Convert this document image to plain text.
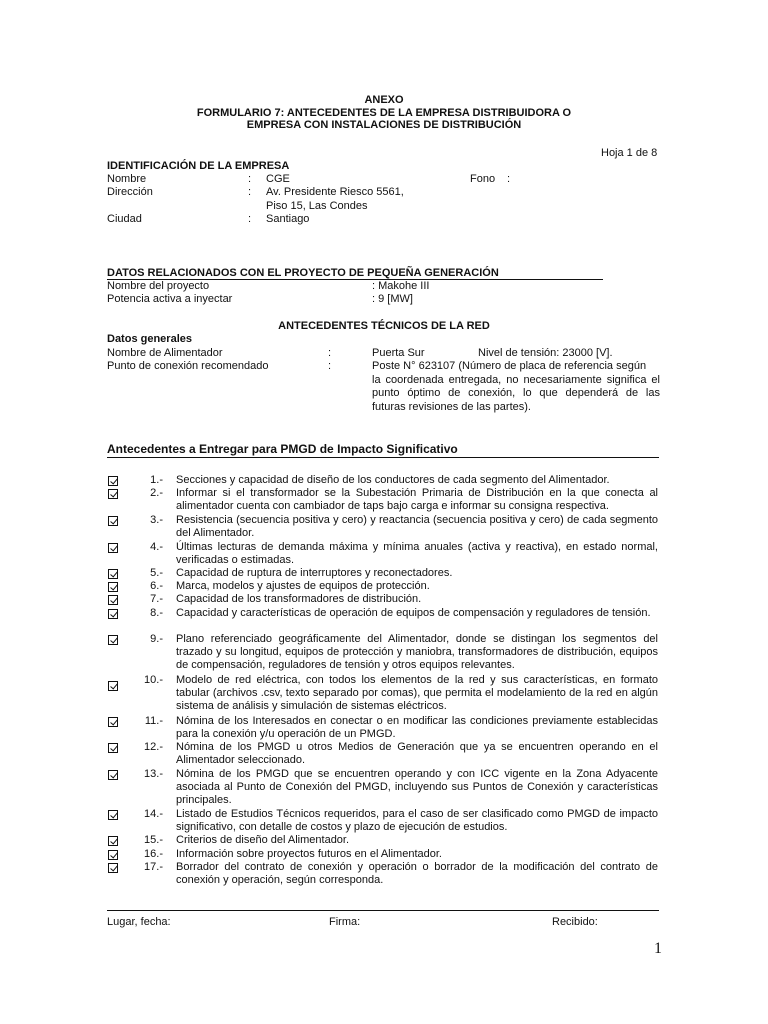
ANEXO
FORMULARIO 7: ANTECEDENTES DE LA EMPRESA DISTRIBUIDORA O
EMPRESA CON INSTALACIONES DE DISTRIBUCIÓN
Hoja 1 de 8
IDENTIFICACIÓN DE LA EMPRESA
Nombre	: CGE	Fono :
Dirección	: Av. Presidente Riesco 5561,
Piso 15, Las Condes
Ciudad	: Santiago
DATOS RELACIONADOS CON EL PROYECTO DE PEQUEÑA GENERACIÓN
Nombre del proyecto	: Makohe III
Potencia activa a inyectar	: 9 [MW]
ANTECEDENTES TÉCNICOS DE LA RED
Datos generales
Nombre de Alimentador	:	Puerta Sur	Nivel de tensión: 23000 [V].
Punto de conexión recomendado	:	Poste N° 623107 (Número de placa de referencia según
la coordenada entregada, no necesariamente significa el
punto óptimo de conexión, lo que dependerá de las
futuras revisiones de las partes).
Antecedentes a Entregar para PMGD de Impacto Significativo
1.- Secciones y capacidad de diseño de los conductores de cada segmento del Alimentador.
2.- Informar si el transformador se la Subestación Primaria de Distribución en la que conecta al alimentador cuenta con cambiador de taps bajo carga e informar su consigna respectiva.
3.- Resistencia (secuencia positiva y cero) y reactancia (secuencia positiva y cero) de cada segmento del Alimentador.
4.- Últimas lecturas de demanda máxima y mínima anuales (activa y reactiva), en estado normal, verificadas o estimadas.
5.- Capacidad de ruptura de interruptores y reconectadores.
6.- Marca, modelos y ajustes de equipos de protección.
7.- Capacidad de los transformadores de distribución.
8.- Capacidad y características de operación de equipos de compensación y reguladores de tensión.
9.- Plano referenciado geográficamente del Alimentador, donde se distingan los segmentos del trazado y su longitud, equipos de protección y maniobra, transformadores de distribución, equipos de compensación, reguladores de tensión y otros equipos relevantes.
10.- Modelo de red eléctrica, con todos los elementos de la red y sus características, en formato tabular (archivos .csv, texto separado por comas), que permita el modelamiento de la red en algún sistema de análisis y simulación de sistemas eléctricos.
11.- Nómina de los Interesados en conectar o en modificar las condiciones previamente establecidas para la conexión y/u operación de un PMGD.
12.- Nómina de los PMGD u otros Medios de Generación que ya se encuentren operando en el Alimentador seleccionado.
13.- Nómina de los PMGD que se encuentren operando y con ICC vigente en la Zona Adyacente asociada al Punto de Conexión del PMGD, incluyendo sus Puntos de Conexión y características principales.
14.- Listado de Estudios Técnicos requeridos, para el caso de ser clasificado como PMGD de impacto significativo, con detalle de costos y plazo de ejecución de estudios.
15.- Criterios de diseño del Alimentador.
16.- Información sobre proyectos futuros en el Alimentador.
17.- Borrador del contrato de conexión y operación o borrador de la modificación del contrato de conexión y operación, según corresponda.
Lugar, fecha:	Firma:	Recibido:
1
